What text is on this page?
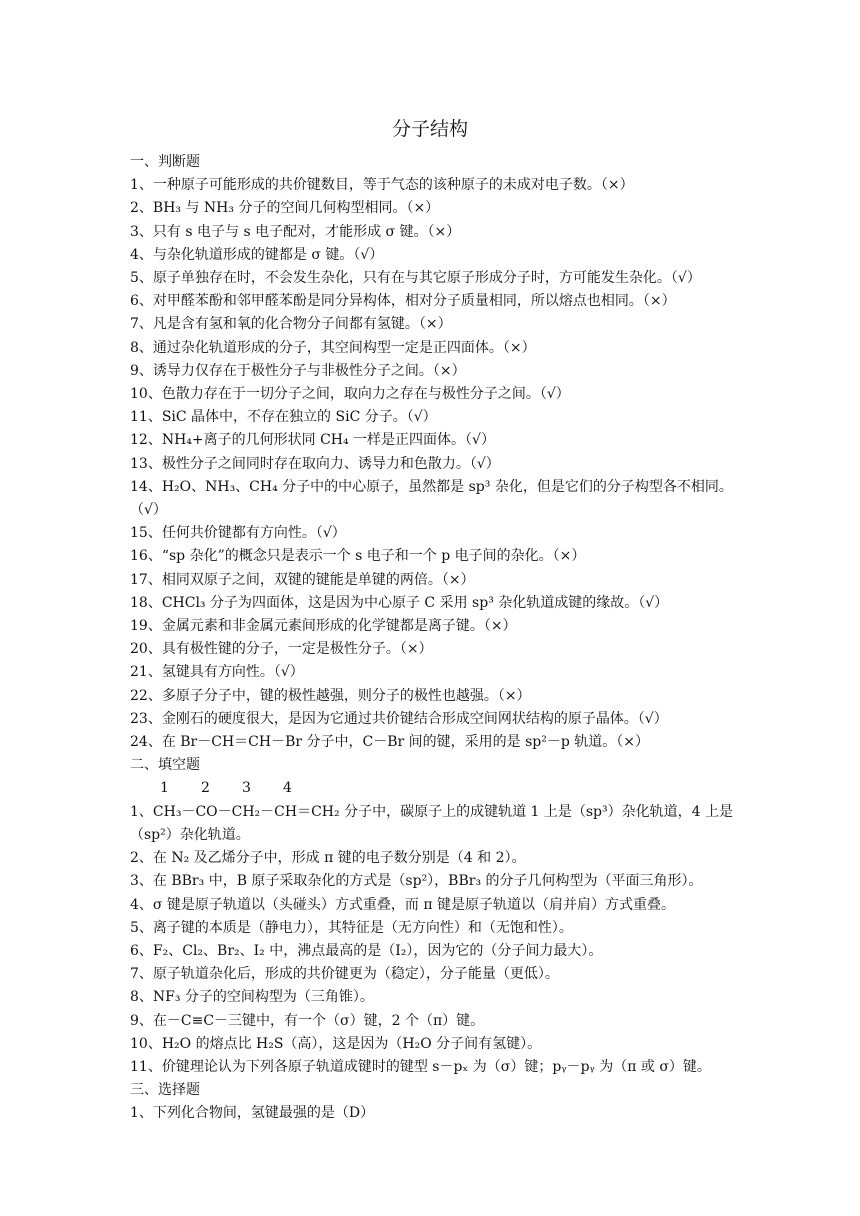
分子结构
一、判断题
1、一种原子可能形成的共价键数目，等于气态的该种原子的未成对电子数。（×）
2、BH₃ 与 NH₃ 分子的空间几何构型相同。（×）
3、只有 s 电子与 s 电子配对，才能形成 σ 键。（×）
4、与杂化轨道形成的键都是 σ 键。（√）
5、原子单独存在时，不会发生杂化，只有在与其它原子形成分子时，方可能发生杂化。（√）
6、对甲醛苯酚和邻甲醛苯酚是同分异构体，相对分子质量相同，所以熔点也相同。（×）
7、凡是含有氢和氧的化合物分子间都有氢键。（×）
8、通过杂化轨道形成的分子，其空间构型一定是正四面体。（×）
9、诱导力仅存在于极性分子与非极性分子之间。（×）
10、色散力存在于一切分子之间，取向力之存在与极性分子之间。（√）
11、SiC 晶体中，不存在独立的 SiC 分子。（√）
12、NH₄+离子的几何形状同 CH₄ 一样是正四面体。（√）
13、极性分子之间同时存在取向力、诱导力和色散力。（√）
14、H₂O、NH₃、CH₄ 分子中的中心原子，虽然都是 sp³ 杂化，但是它们的分子构型各不相同。（√）
15、任何共价键都有方向性。（√）
16、“sp 杂化”的概念只是表示一个 s 电子和一个 p 电子间的杂化。（×）
17、相同双原子之间，双键的键能是单键的两倍。（×）
18、CHCl₃ 分子为四面体，这是因为中心原子 C 采用 sp³ 杂化轨道成键的缘故。（√）
19、金属元素和非金属元素间形成的化学键都是离子键。（×）
20、具有极性键的分子，一定是极性分子。（×）
21、氢键具有方向性。（√）
22、多原子分子中，键的极性越强，则分子的极性也越强。（×）
23、金刚石的硬度很大，是因为它通过共价键结合形成空间网状结构的原子晶体。（√）
24、在 Br－CH＝CH－Br 分子中，C－Br 间的键，采用的是 sp²－p 轨道。（×）
二、填空题
1 2 3 4
1、CH₃－CO－CH₂－CH＝CH₂ 分子中，碳原子上的成键轨道 1 上是（sp³）杂化轨道，4 上是（sp²）杂化轨道。
2、在 N₂ 及乙烯分子中，形成 π 键的电子数分别是（4 和 2）。
3、在 BBr₃ 中，B 原子采取杂化的方式是（sp²），BBr₃ 的分子几何构型为（平面三角形）。
4、σ 键是原子轨道以（头碰头）方式重叠，而 π 键是原子轨道以（肩并肩）方式重叠。
5、离子键的本质是（静电力），其特征是（无方向性）和（无饱和性）。
6、F₂、Cl₂、Br₂、I₂ 中，沸点最高的是（I₂），因为它的（分子间力最大）。
7、原子轨道杂化后，形成的共价键更为（稳定），分子能量（更低）。
8、NF₃ 分子的空间构型为（三角锥）。
9、在－C≡C－三键中，有一个（σ）键，2 个（π）键。
10、H₂O 的熔点比 H₂S（高），这是因为（H₂O 分子间有氢键）。
11、价键理论认为下列各原子轨道成键时的键型 s－pₓ 为（σ）键；pᵧ－pᵧ 为（π 或 σ）键。
三、选择题
1、下列化合物间，氢键最强的是（D）
